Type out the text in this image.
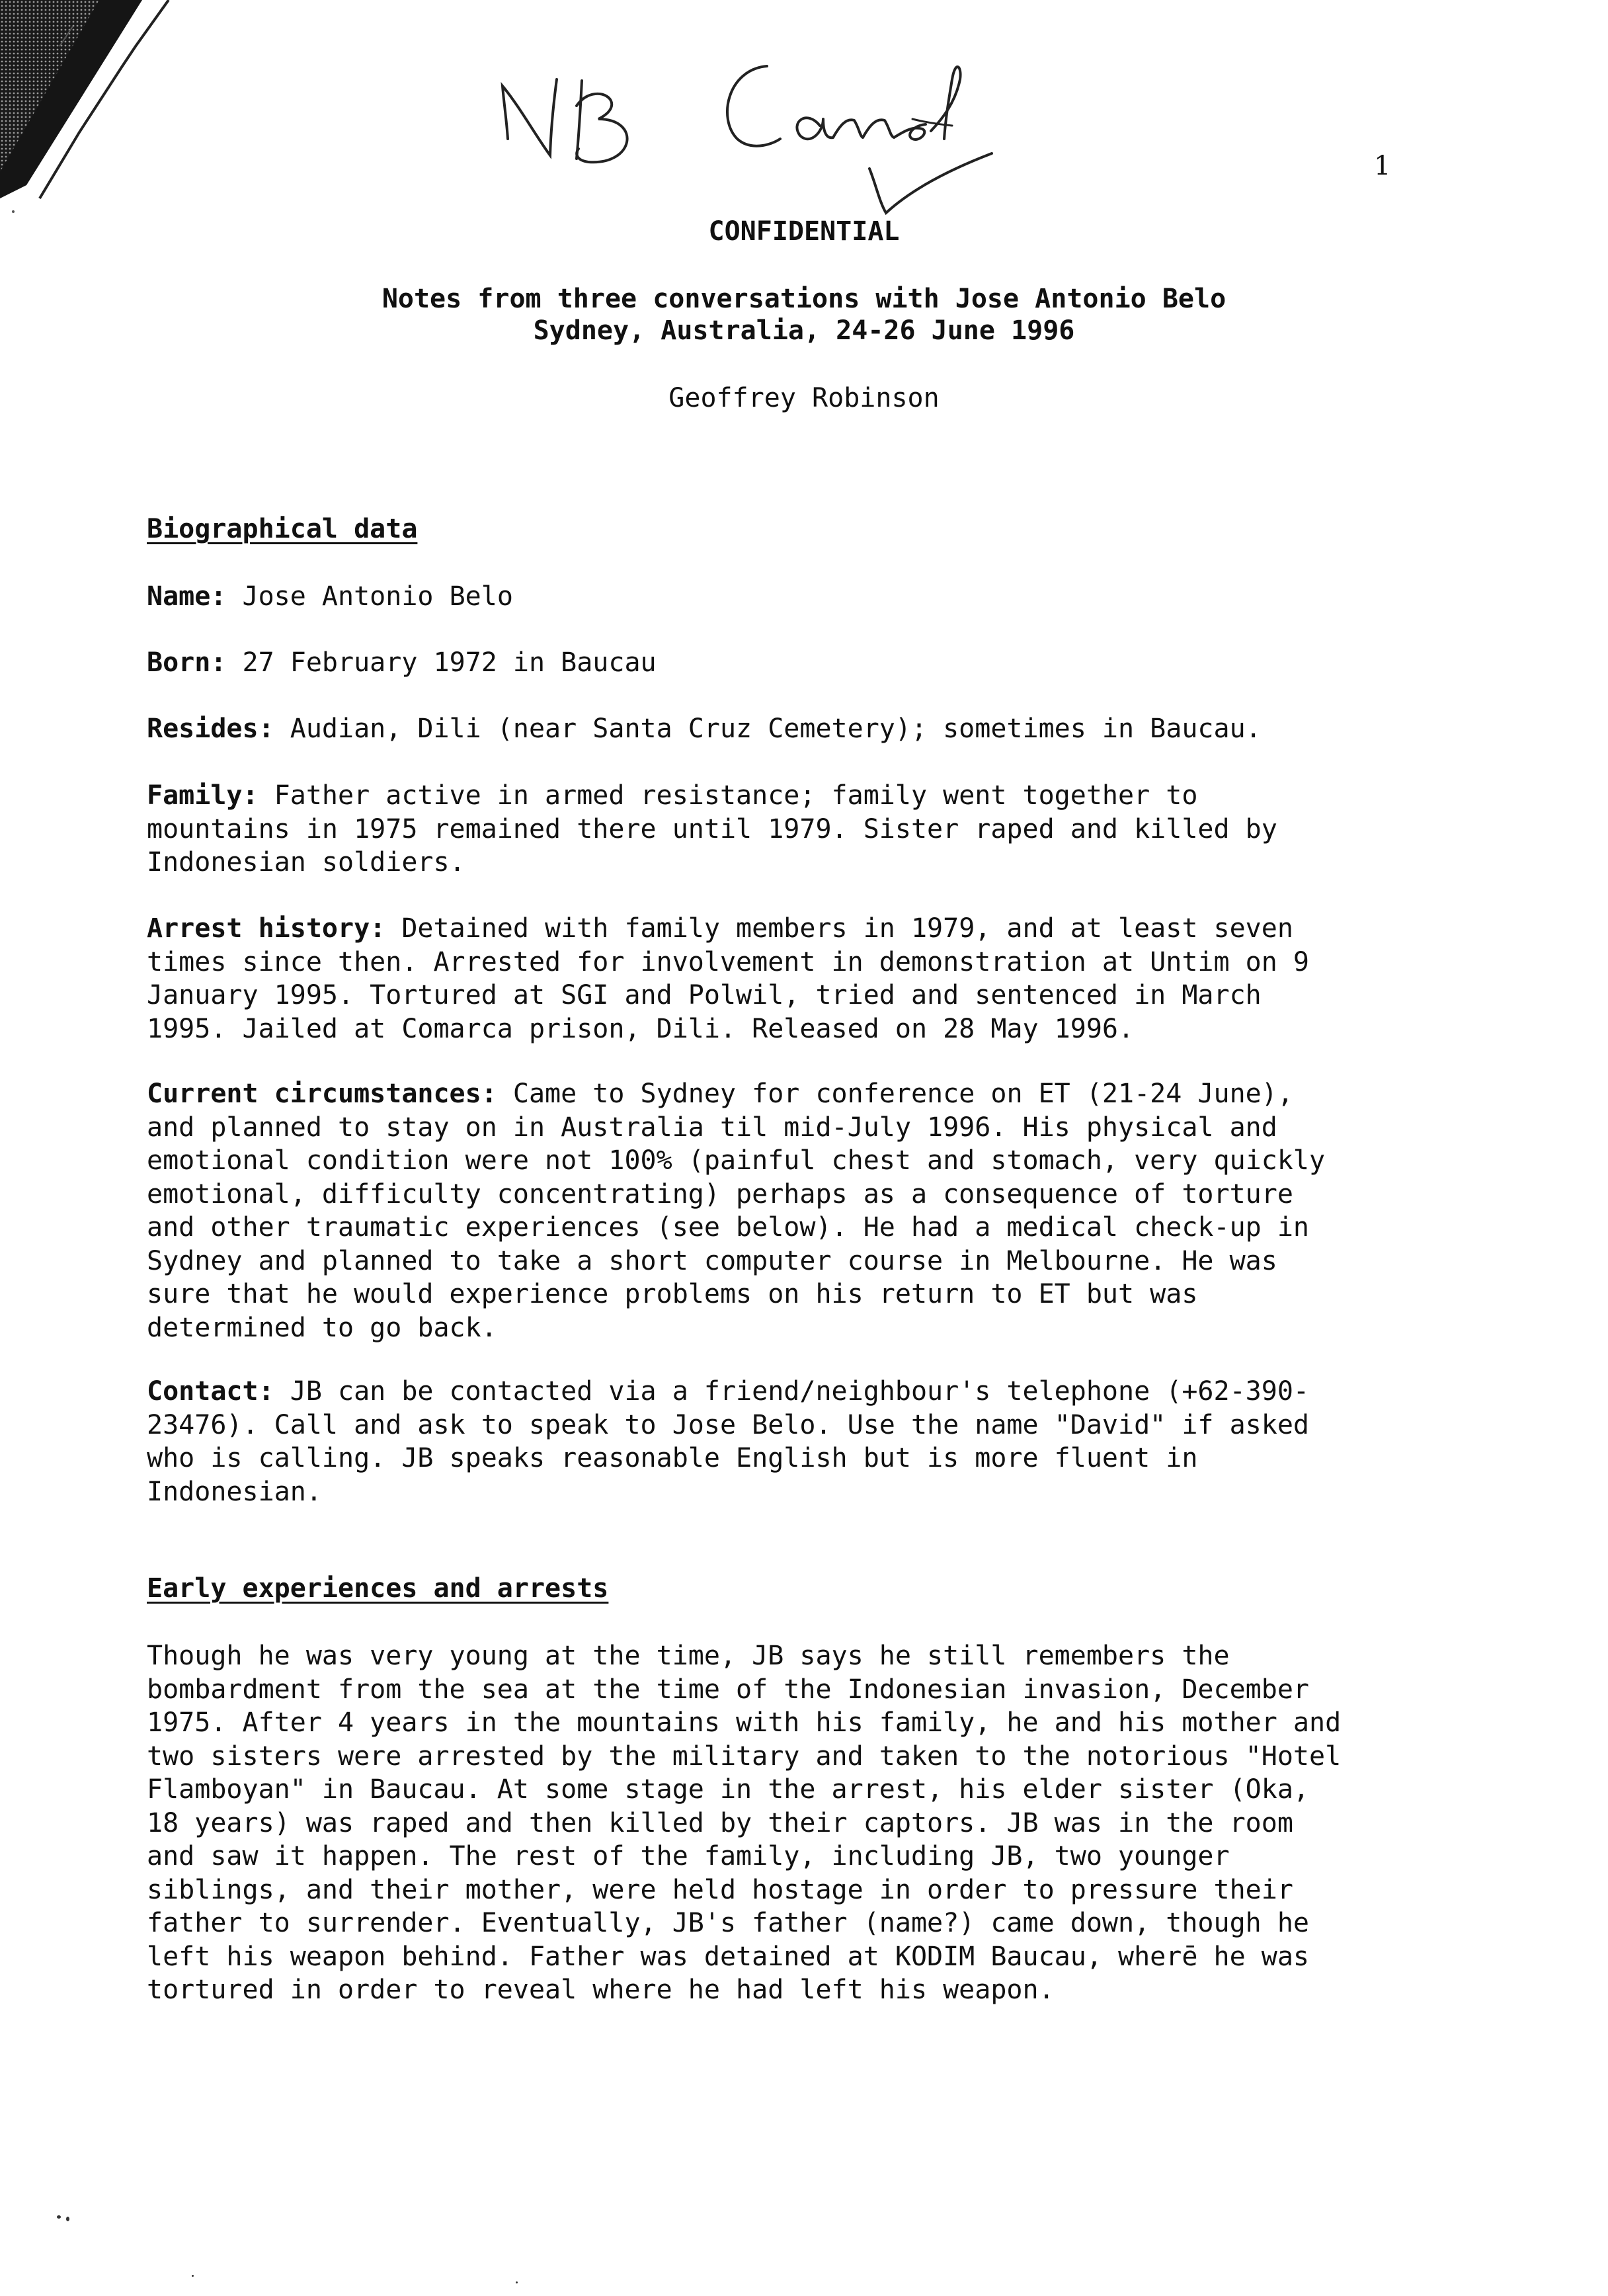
NB Cannel
1
CONFIDENTIAL
Notes from three conversations with Jose Antonio Belo
Sydney, Australia, 24-26 June 1996
Geoffrey Robinson
Biographical data
Name: Jose Antonio Belo
Born: 27 February 1972 in Baucau
Resides: Audian, Dili (near Santa Cruz Cemetery); sometimes in Baucau.
Family: Father active in armed resistance; family went together to
mountains in 1975 remained there until 1979. Sister raped and killed by
Indonesian soldiers.
Arrest history: Detained with family members in 1979, and at least seven
times since then. Arrested for involvement in demonstration at Untim on 9
January 1995. Tortured at SGI and Polwil, tried and sentenced in March
1995. Jailed at Comarca prison, Dili. Released on 28 May 1996.
Current circumstances: Came to Sydney for conference on ET (21-24 June),
and planned to stay on in Australia til mid-July 1996. His physical and
emotional condition were not 100% (painful chest and stomach, very quickly
emotional, difficulty concentrating) perhaps as a consequence of torture
and other traumatic experiences (see below). He had a medical check-up in
Sydney and planned to take a short computer course in Melbourne. He was
sure that he would experience problems on his return to ET but was
determined to go back.
Contact: JB can be contacted via a friend/neighbour's telephone (+62-390-
23476). Call and ask to speak to Jose Belo. Use the name "David" if asked
who is calling. JB speaks reasonable English but is more fluent in
Indonesian.
Early experiences and arrests
Though he was very young at the time, JB says he still remembers the
bombardment from the sea at the time of the Indonesian invasion, December
1975. After 4 years in the mountains with his family, he and his mother and
two sisters were arrested by the military and taken to the notorious "Hotel
Flamboyan" in Baucau. At some stage in the arrest, his elder sister (Oka,
18 years) was raped and then killed by their captors. JB was in the room
and saw it happen. The rest of the family, including JB, two younger
siblings, and their mother, were held hostage in order to pressure their
father to surrender. Eventually, JB's father (name?) came down, though he
left his weapon behind. Father was detained at KODIM Baucau, wherē he was
tortured in order to reveal where he had left his weapon.
